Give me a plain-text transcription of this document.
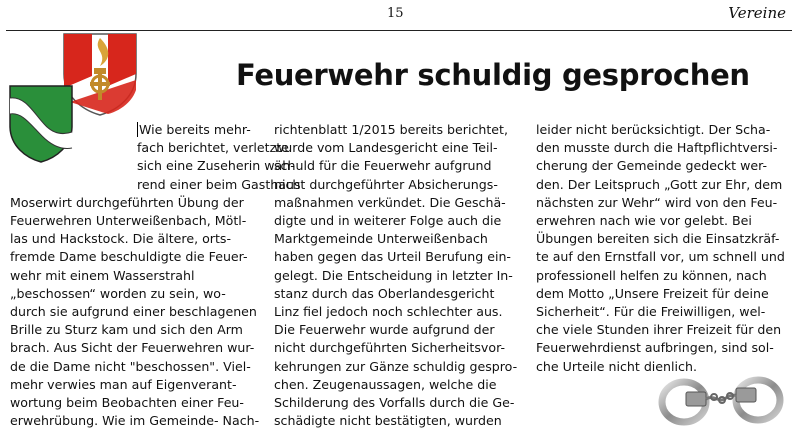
15	Vereine
Feuerwehr schuldig gesprochen
Wie bereits mehr-
fach berichtet, verletzte
sich eine Zuseherin wäh-
rend einer beim Gasthaus
Moserwirt durchgeführten Übung der
Feuerwehren Unterweißenbach, Mötl-
las und Hackstock. Die ältere, orts-
fremde Dame beschuldigte die Feuer-
wehr mit einem Wasserstrahl
„beschossen“ worden zu sein, wo-
durch sie aufgrund einer beschlagenen
Brille zu Sturz kam und sich den Arm
brach. Aus Sicht der Feuerwehren wur-
de die Dame nicht "beschossen". Viel-
mehr verwies man auf Eigenverant-
wortung beim Beobachten einer Feu-
erwehrübung. Wie im Gemeinde- Nach-
richtenblatt 1/2015 bereits berichtet,
wurde vom Landesgericht eine Teil-
schuld für die Feuerwehr aufgrund
nicht durchgeführter Absicherungs-
maßnahmen verkündet. Die Geschä-
digte und in weiterer Folge auch die
Marktgemeinde Unterweißenbach
haben gegen das Urteil Berufung ein-
gelegt. Die Entscheidung in letzter In-
stanz durch das Oberlandesgericht
Linz fiel jedoch noch schlechter aus.
Die Feuerwehr wurde aufgrund der
nicht durchgeführten Sicherheitsvor-
kehrungen zur Gänze schuldig gespro-
chen. Zeugenaussagen, welche die
Schilderung des Vorfalls durch die Ge-
schädigte nicht bestätigten, wurden
leider nicht berücksichtigt. Der Scha-
den musste durch die Haftpflichtversi-
cherung der Gemeinde gedeckt wer-
den. Der Leitspruch „Gott zur Ehr, dem
nächsten zur Wehr“ wird von den Feu-
erwehren nach wie vor gelebt. Bei
Übungen bereiten sich die Einsatzkräf-
te auf den Ernstfall vor, um schnell und
professionell helfen zu können, nach
dem Motto „Unsere Freizeit für deine
Sicherheit“. Für die Freiwilligen, wel-
che viele Stunden ihrer Freizeit für den
Feuerwehrdienst aufbringen, sind sol-
che Urteile nicht dienlich.
